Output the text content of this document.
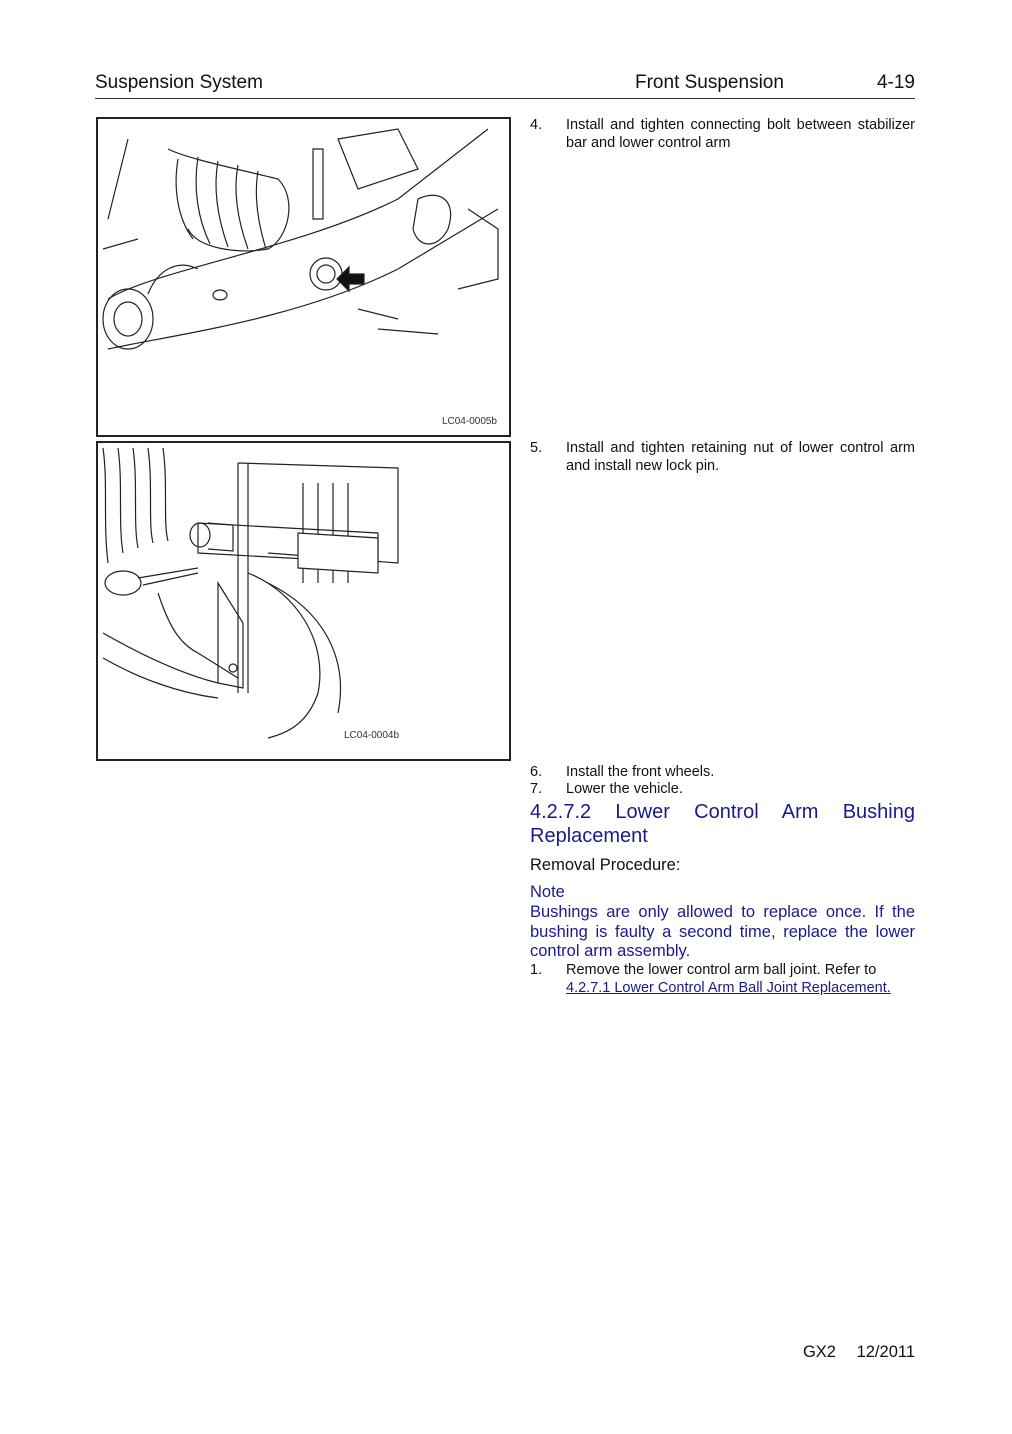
Suspension System	Front Suspension	4-19
LC04-0005b
LC04-0004b
4. Install and tighten connecting bolt between stabilizer bar and lower control arm
5. Install and tighten retaining nut of lower control arm and install new lock pin.
6. Install the front wheels.
7. Lower the vehicle.
4.2.7.2 Lower Control Arm Bushing Replacement
Removal Procedure:
Note
Bushings are only allowed to replace once. If the bushing is faulty a second time, replace the lower control arm assembly.
1. Remove the lower control arm ball joint. Refer to
4.2.7.1 Lower Control Arm Ball Joint Replacement.
GX2 12/2011
